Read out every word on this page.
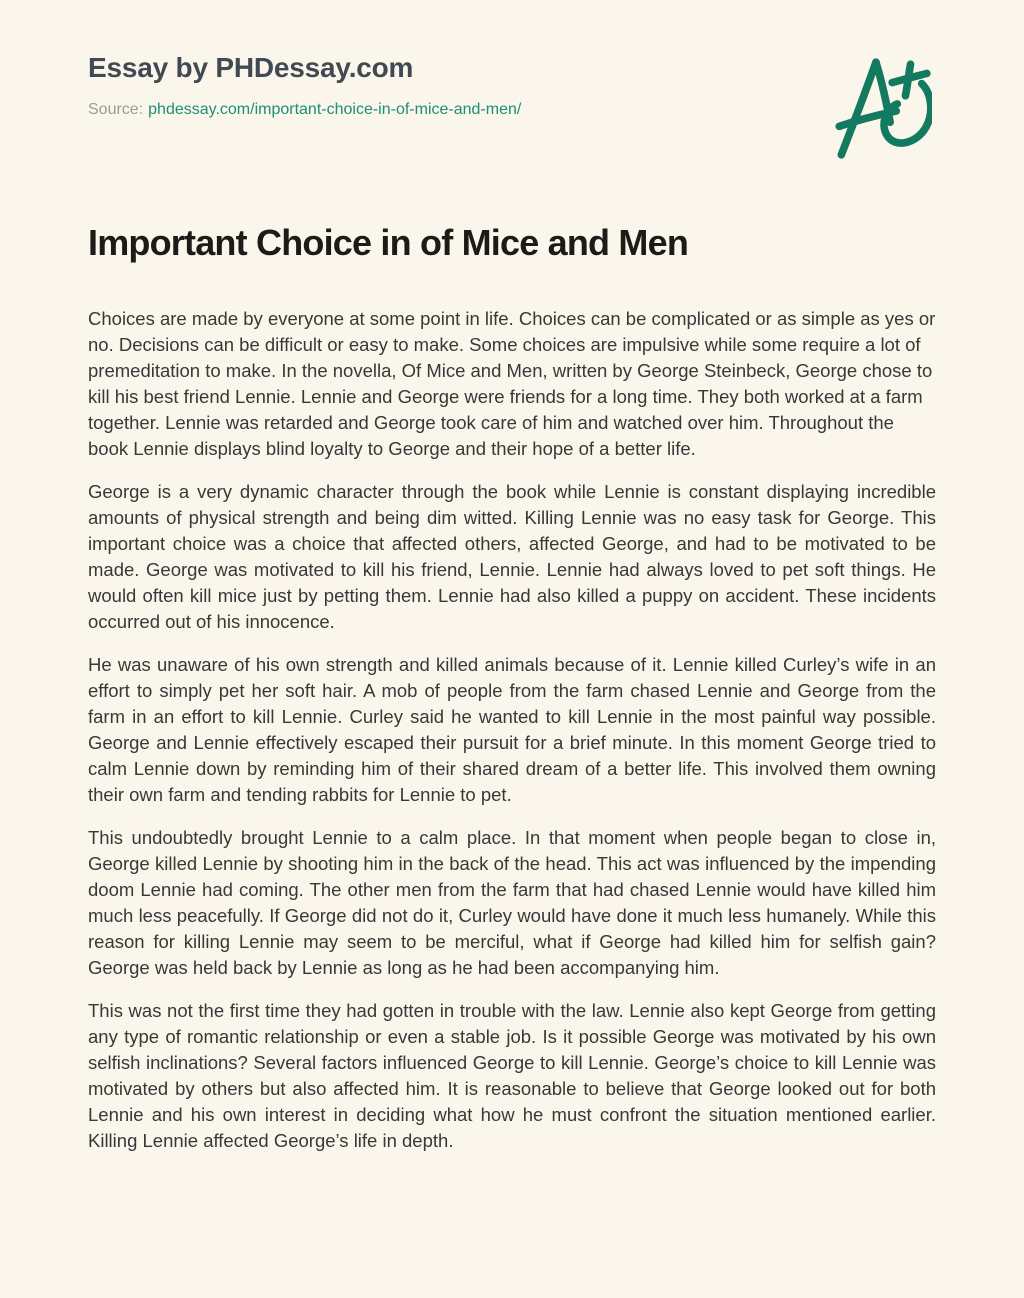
Essay by PHDessay.com

Source: phdessay.com/important-choice-in-of-mice-and-men/

Important Choice in of Mice and Men

Choices are made by everyone at some point in life. Choices can be complicated or as simple as yes or no. Decisions can be difficult or easy to make. Some choices are impulsive while some require a lot of premeditation to make. In the novella, Of Mice and Men, written by George Steinbeck, George chose to kill his best friend Lennie. Lennie and George were friends for a long time. They both worked at a farm together. Lennie was retarded and George took care of him and watched over him. Throughout the book Lennie displays blind loyalty to George and their hope of a better life.

George is a very dynamic character through the book while Lennie is constant displaying incredible amounts of physical strength and being dim witted. Killing Lennie was no easy task for George. This important choice was a choice that affected others, affected George, and had to be motivated to be made. George was motivated to kill his friend, Lennie. Lennie had always loved to pet soft things. He would often kill mice just by petting them. Lennie had also killed a puppy on accident. These incidents occurred out of his innocence.

He was unaware of his own strength and killed animals because of it. Lennie killed Curley’s wife in an effort to simply pet her soft hair. A mob of people from the farm chased Lennie and George from the farm in an effort to kill Lennie. Curley said he wanted to kill Lennie in the most painful way possible. George and Lennie effectively escaped their pursuit for a brief minute. In this moment George tried to calm Lennie down by reminding him of their shared dream of a better life. This involved them owning their own farm and tending rabbits for Lennie to pet.

This undoubtedly brought Lennie to a calm place. In that moment when people began to close in, George killed Lennie by shooting him in the back of the head. This act was influenced by the impending doom Lennie had coming. The other men from the farm that had chased Lennie would have killed him much less peacefully. If George did not do it, Curley would have done it much less humanely. While this reason for killing Lennie may seem to be merciful, what if George had killed him for selfish gain? George was held back by Lennie as long as he had been accompanying him.

This was not the first time they had gotten in trouble with the law. Lennie also kept George from getting any type of romantic relationship or even a stable job. Is it possible George was motivated by his own selfish inclinations? Several factors influenced George to kill Lennie. George’s choice to kill Lennie was motivated by others but also affected him. It is reasonable to believe that George looked out for both Lennie and his own interest in deciding what how he must confront the situation mentioned earlier. Killing Lennie affected George’s life in depth.
